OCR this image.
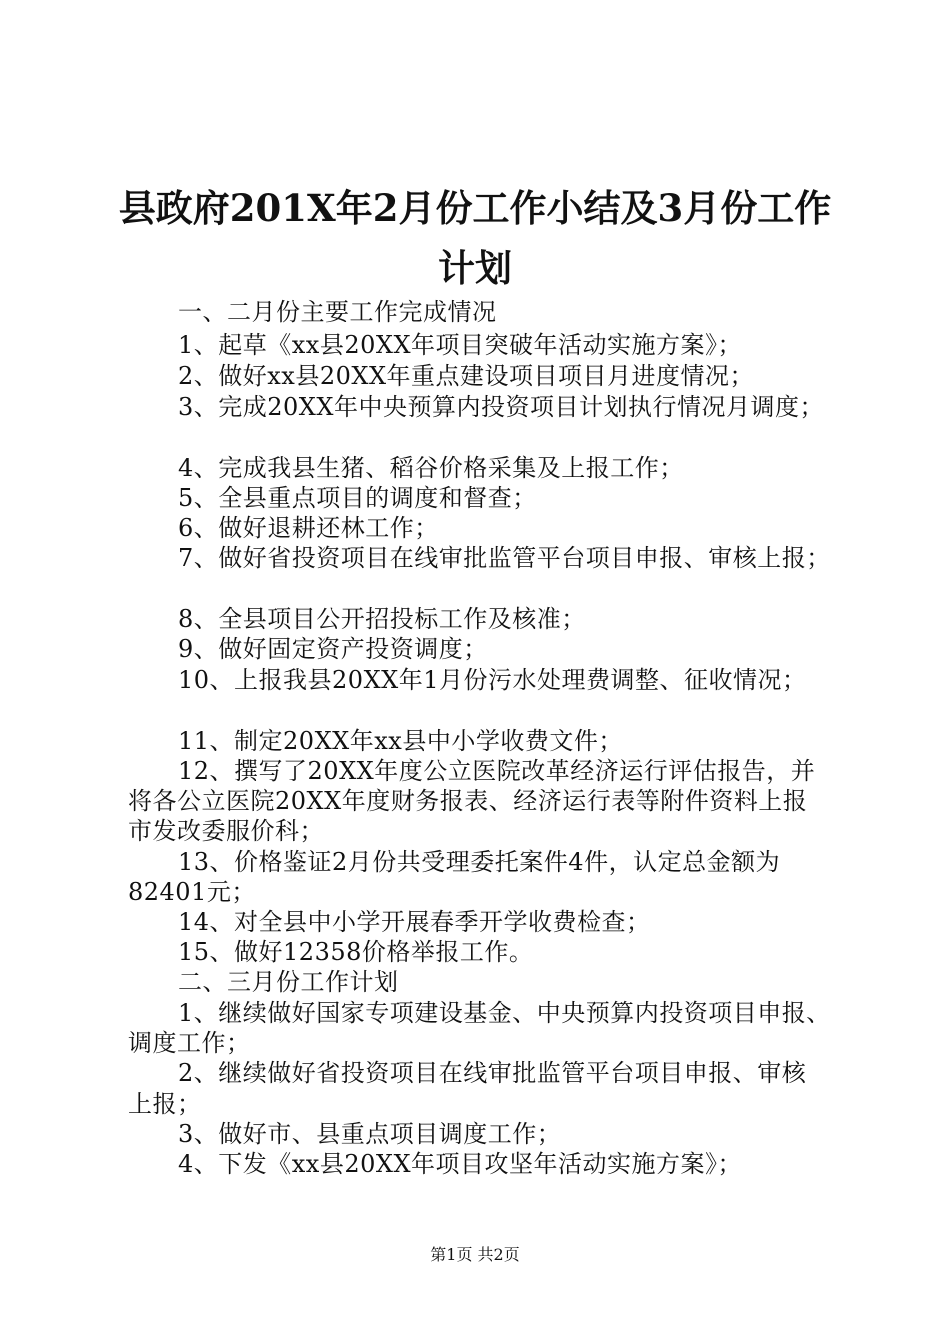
县政府201X年2月份工作小结及3月份工作
计划
一、二月份主要工作完成情况
1、起草《xx县20XX年项目突破年活动实施方案》；
2、做好xx县20XX年重点建设项目项目月进度情况；
3、完成20XX年中央预算内投资项目计划执行情况月调度；
4、完成我县生猪、稻谷价格采集及上报工作；
5、全县重点项目的调度和督查；
6、做好退耕还林工作；
7、做好省投资项目在线审批监管平台项目申报、审核上报；
8、全县项目公开招投标工作及核准；
9、做好固定资产投资调度；
10、上报我县20XX年1月份污水处理费调整、征收情况；
11、制定20XX年xx县中小学收费文件；
12、撰写了20XX年度公立医院改革经济运行评估报告，并
将各公立医院20XX年度财务报表、经济运行表等附件资料上报
市发改委服价科；
13、价格鉴证2月份共受理委托案件4件，认定总金额为
82401元；
14、对全县中小学开展春季开学收费检查；
15、做好12358价格举报工作。
二、三月份工作计划
1、继续做好国家专项建设基金、中央预算内投资项目申报、
调度工作；
2、继续做好省投资项目在线审批监管平台项目申报、审核
上报；
3、做好市、县重点项目调度工作；
4、下发《xx县20XX年项目攻坚年活动实施方案》；
第1页 共2页
